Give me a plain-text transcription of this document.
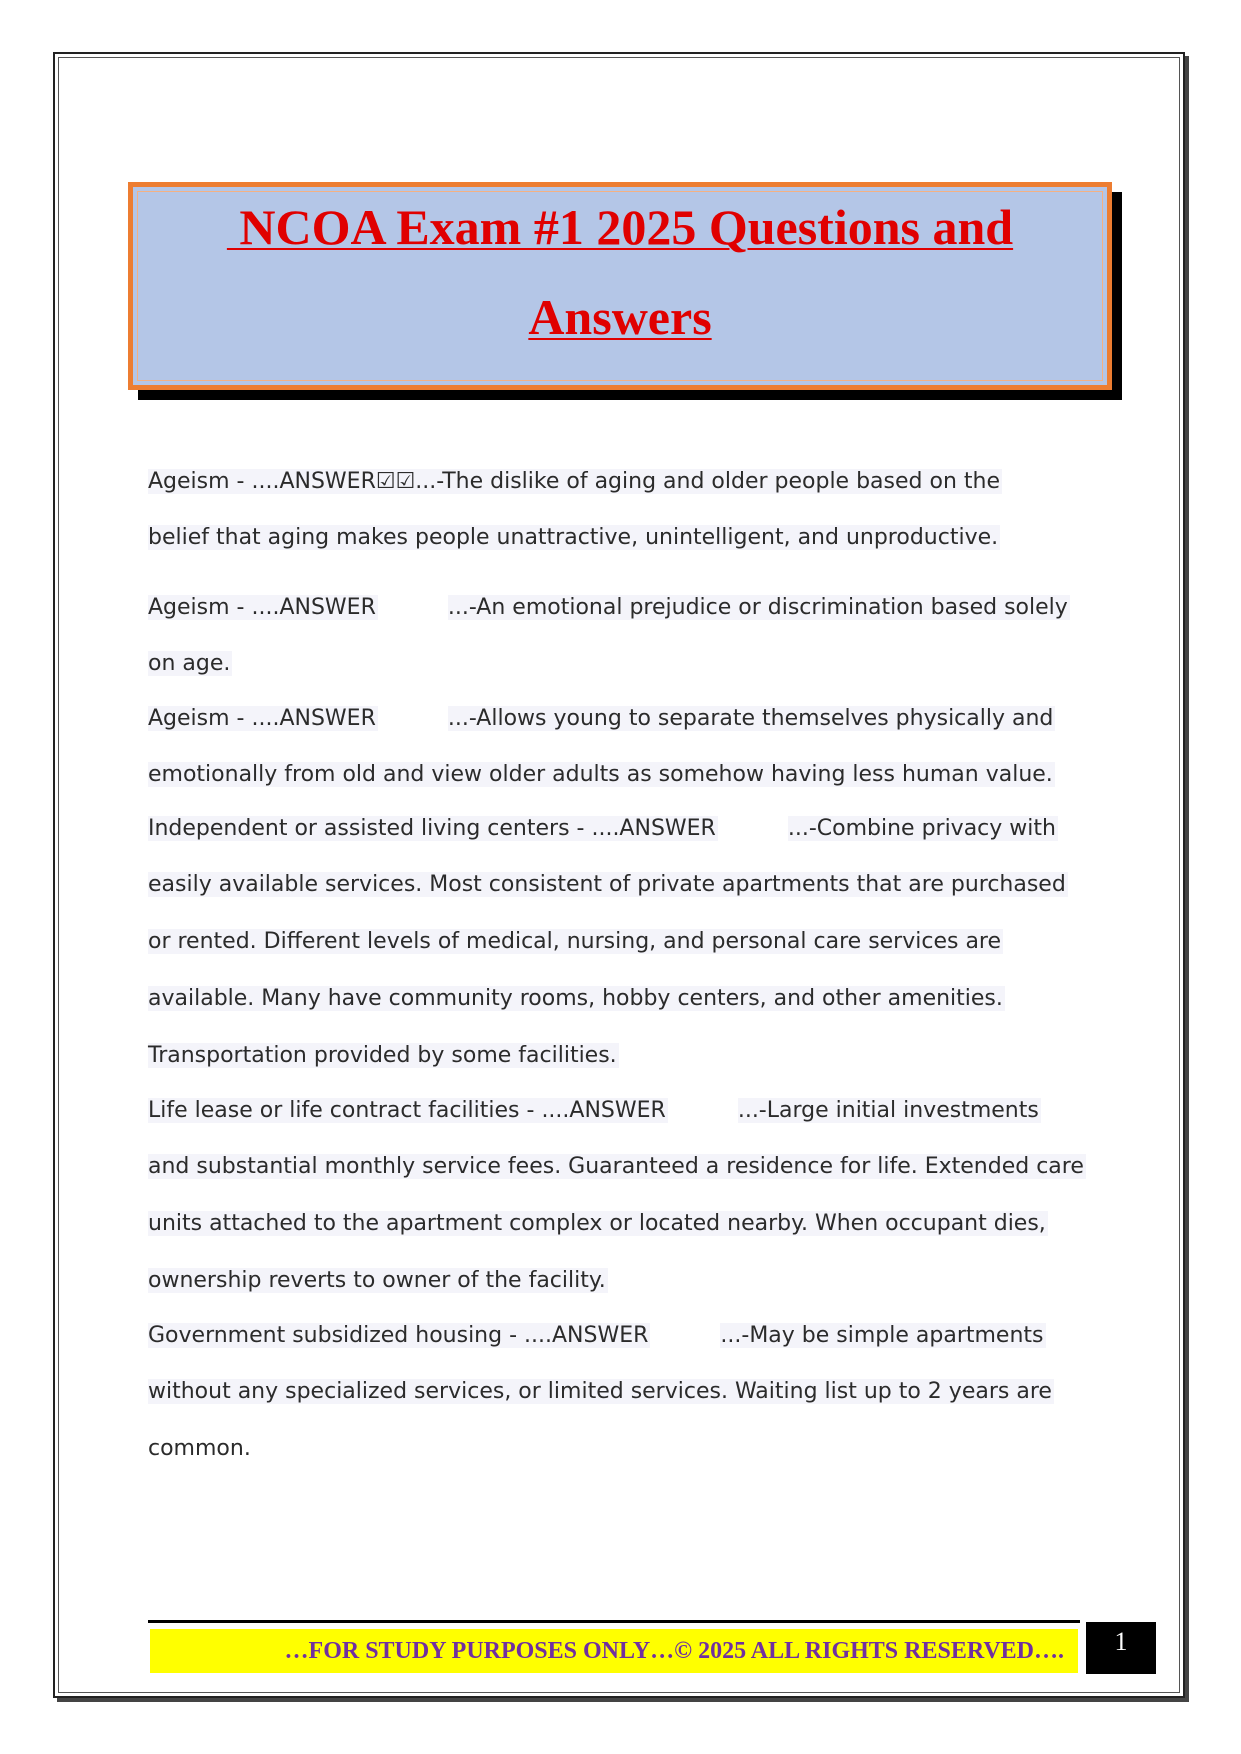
NCOA Exam #1 2025 Questions and
Answers

Ageism - ....ANSWER☑☑...-The dislike of aging and older people based on the

belief that aging makes people unattractive, unintelligent, and unproductive.

Ageism - ....ANSWER	...-An emotional prejudice or discrimination based solely

on age.

Ageism - ....ANSWER	...-Allows young to separate themselves physically and

emotionally from old and view older adults as somehow having less human value.

Independent or assisted living centers - ....ANSWER	...-Combine privacy with

easily available services. Most consistent of private apartments that are purchased

or rented. Different levels of medical, nursing, and personal care services are

available. Many have community rooms, hobby centers, and other amenities.

Transportation provided by some facilities.

Life lease or life contract facilities - ....ANSWER	...-Large initial investments

and substantial monthly service fees. Guaranteed a residence for life. Extended care

units attached to the apartment complex or located nearby. When occupant dies,

ownership reverts to owner of the facility.

Government subsidized housing - ....ANSWER	...-May be simple apartments

without any specialized services, or limited services. Waiting list up to 2 years are

common.

…FOR STUDY PURPOSES ONLY…© 2025 ALL RIGHTS RESERVED….	1
